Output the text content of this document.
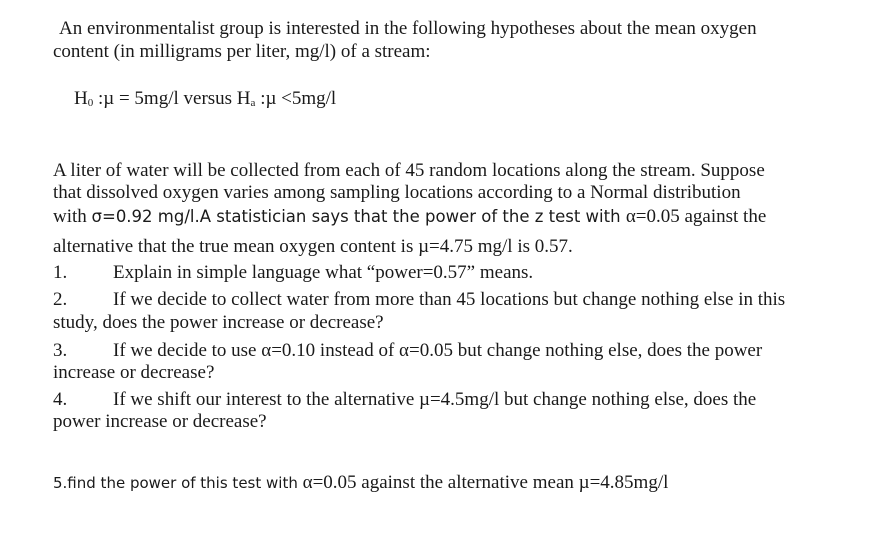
An environmentalist group is interested in the following hypotheses about the mean oxygen
content (in milligrams per liter, mg/l) of a stream:
$H_0$ :µ = 5mg/l versus $H_a$ :µ <5mg/l
A liter of water will be collected from each of 45 random locations along the stream. Suppose
that dissolved oxygen varies among sampling locations according to a Normal distribution
with σ=0.92 mg/l.A statistician says that the power of the z test with α=0.05 against the
alternative that the true mean oxygen content is µ=4.75 mg/l is 0.57.
1. Explain in simple language what “power=0.57” means.
2. If we decide to collect water from more than 45 locations but change nothing else in this
study, does the power increase or decrease?
3. If we decide to use α=0.10 instead of α=0.05 but change nothing else, does the power
increase or decrease?
4. If we shift our interest to the alternative µ=4.5mg/l but change nothing else, does the
power increase or decrease?
5.find the power of this test with α=0.05 against the alternative mean µ=4.85mg/l
